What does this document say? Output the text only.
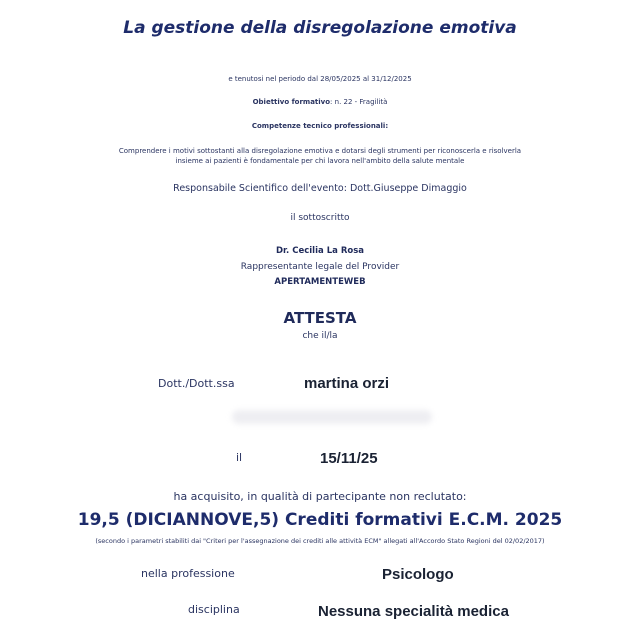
La gestione della disregolazione emotiva
e tenutosi nel periodo dal 28/05/2025 al 31/12/2025
Obiettivo formativo: n. 22 - Fragilità
Competenze tecnico professionali:
Comprendere i motivi sottostanti alla disregolazione emotiva e dotarsi degli strumenti per riconoscerla e risolverla
insieme ai pazienti è fondamentale per chi lavora nell'ambito della salute mentale
Responsabile Scientifico dell'evento: Dott.Giuseppe Dimaggio
il sottoscritto
Dr. Cecilia La Rosa
Rappresentante legale del Provider
APERTAMENTEWEB
ATTESTA
che il/la
Dott./Dott.ssa	martina orzi
il	15/11/25
ha acquisito, in qualità di partecipante non reclutato:
19,5 (DICIANNOVE,5) Crediti formativi E.C.M. 2025
(secondo i parametri stabiliti dai "Criteri per l'assegnazione dei crediti alle attività ECM" allegati all'Accordo Stato Regioni del 02/02/2017)
nella professione	Psicologo
disciplina	Nessuna specialità medica
